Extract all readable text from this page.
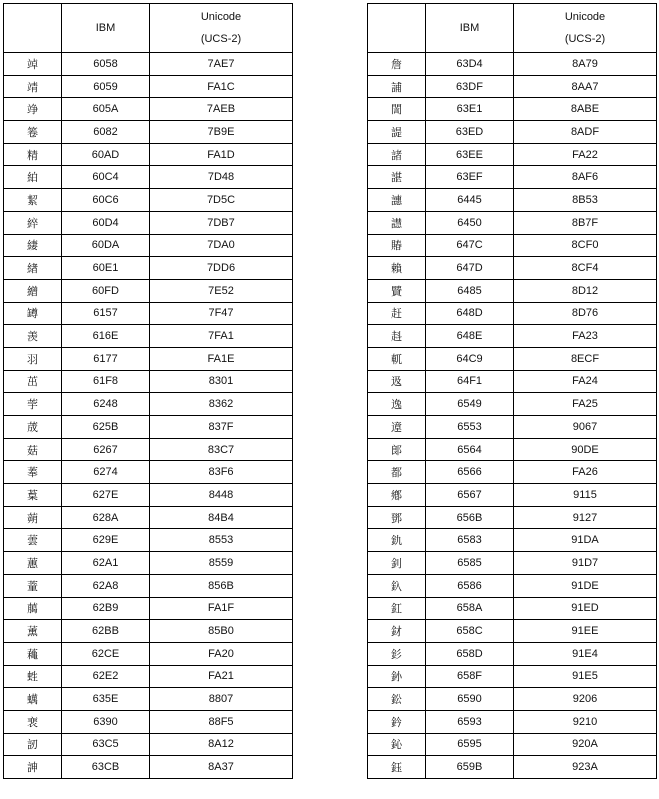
	IBM	Unicode
(UCS-2)

竨	6058	7AE7
靖	6059	FA1C
竫	605A	7AEB
箞	6082	7B9E
精	60AD	FA1D
絈	60C4	7D48
絜	60C6	7D5C
綷	60D4	7DB7
緀	60DA	7DA0
緖	60E1	7DD6
繒	60FD	7E52
罇	6157	7F47
羡	616E	7FA1
羽	6177	FA1E
茁	61F8	8301
荢	6248	8362
荿	625B	837F
菇	6267	83C7
菶	6274	83F6
葈	627E	8448
蒴	628A	84B4
蕓	629E	8553
蕙	62A1	8559
蕫	62A8	856B
﨟	62B9	FA1F
薰	62BB	85B0
蘒	62CE	FA20
﨡	62E2	FA21
蠇	635E	8807
裵	6390	88F5
訒	63C5	8A12
訷	63CB	8A37
	IBM	Unicode
(UCS-2)

詹	63D4	8A79
誧	63DF	8AA7
誾	63E1	8ABE
諟	63ED	8ADF
諸	63EE	FA22
諶	63EF	8AF6
譓	6445	8B53
譿	6450	8B7F
賰	647C	8CF0
賴	647D	8CF4
贒	6485	8D12
赶	648D	8D76
﨣	648E	FA23
軏	64C9	8ECF
﨤	64F1	FA24
逸	6549	FA25
遧	6553	9067
郞	6564	90DE
都	6566	FA26
鄕	6567	9115
鄧	656B	9127
釚	6583	91DA
釗	6585	91D7
釞	6586	91DE
釭	658A	91ED
釮	658C	91EE
釤	658D	91E4
釥	658F	91E5
鈆	6590	9206
鈐	6593	9210
鈊	6595	920A
鈺	659B	923A
